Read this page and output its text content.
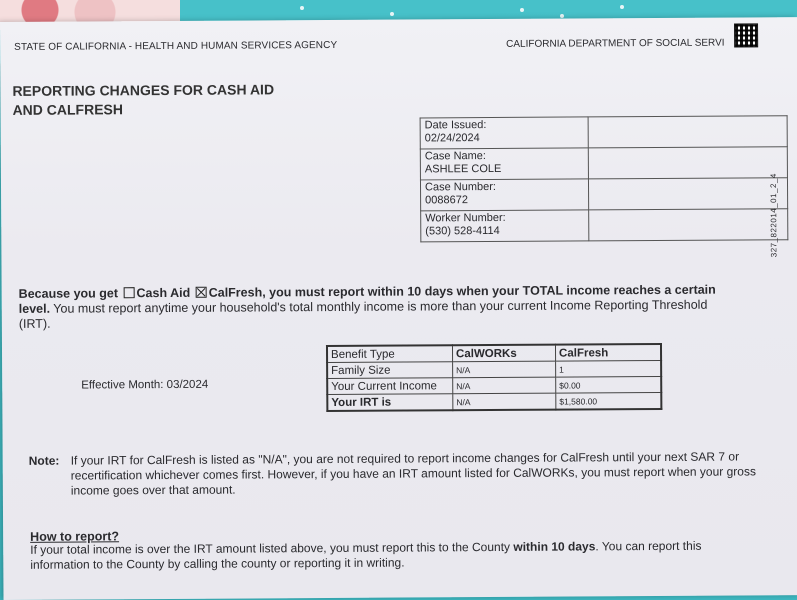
STATE OF CALIFORNIA - HEALTH AND HUMAN SERVICES AGENCY	CALIFORNIA DEPARTMENT OF SOCIAL SERVI
REPORTING CHANGES FOR CASH AID
AND CALFRESH
Date Issued:
02/24/2024	

Case Name:
ASHLEE COLE	

Case Number:
0088672	

Worker Number:
(530) 528-4114	
		327_822014_01_2_4
Because you get Cash Aid CalFresh, you must report within 10 days when your TOTAL income reaches a certain level. You must report anytime your household's total monthly income is more than your current Income Reporting Threshold (IRT).
Effective Month: 03/2024
Benefit Type	CalWORKs	CalFresh
Family Size	N/A	1
Your Current Income	N/A	$0.00
Your IRT is	N/A	$1,580.00
Note: If your IRT for CalFresh is listed as "N/A", you are not required to report income changes for CalFresh until your next SAR 7 or recertification whichever comes first. However, if you have an IRT amount listed for CalWORKs, you must report when your gross income goes over that amount.
How to report?
If your total income is over the IRT amount listed above, you must report this to the County within 10 days. You can report this information to the County by calling the county or reporting it in writing.
